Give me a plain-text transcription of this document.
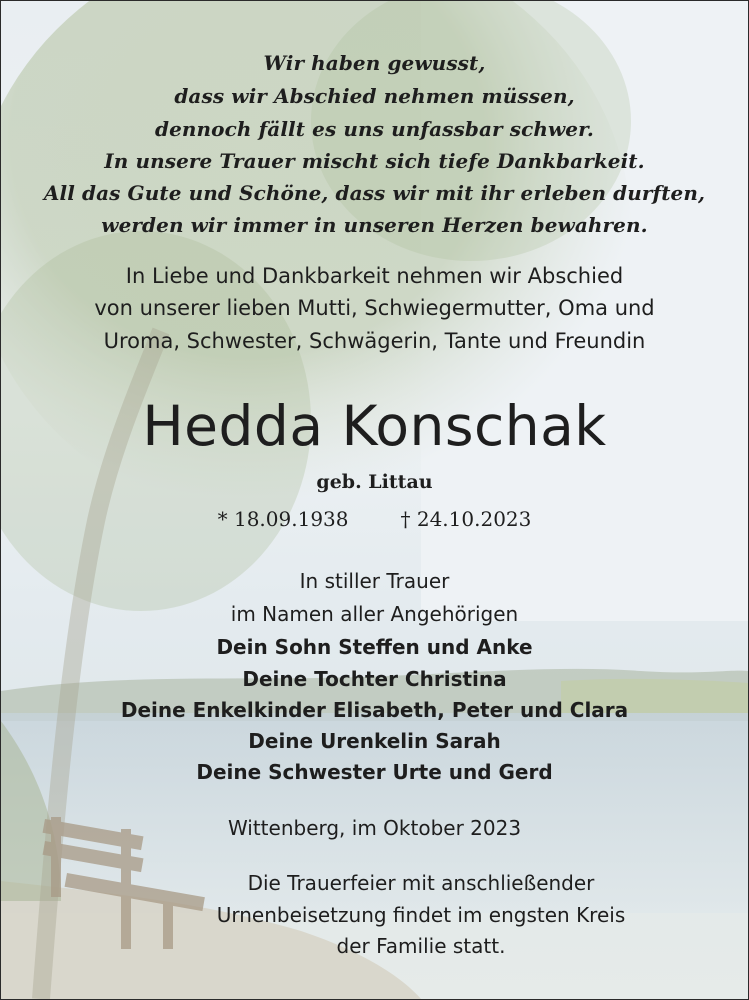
Wir haben gewusst,
dass wir Abschied nehmen müssen,
dennoch fällt es uns unfassbar schwer.
In unsere Trauer mischt sich tiefe Dankbarkeit.
All das Gute und Schöne, dass wir mit ihr erleben durften,
werden wir immer in unseren Herzen bewahren.
In Liebe und Dankbarkeit nehmen wir Abschied
von unserer lieben Mutti, Schwiegermutter, Oma und
Uroma, Schwester, Schwägerin, Tante und Freundin
Hedda Konschak
geb. Littau
* 18.09.1938	† 24.10.2023
In stiller Trauer
im Namen aller Angehörigen
Dein Sohn Steffen und Anke
Deine Tochter Christina
Deine Enkelkinder Elisabeth, Peter und Clara
Deine Urenkelin Sarah
Deine Schwester Urte und Gerd
Wittenberg, im Oktober 2023
Die Trauerfeier mit anschließender
Urnenbeisetzung findet im engsten Kreis
der Familie statt.
